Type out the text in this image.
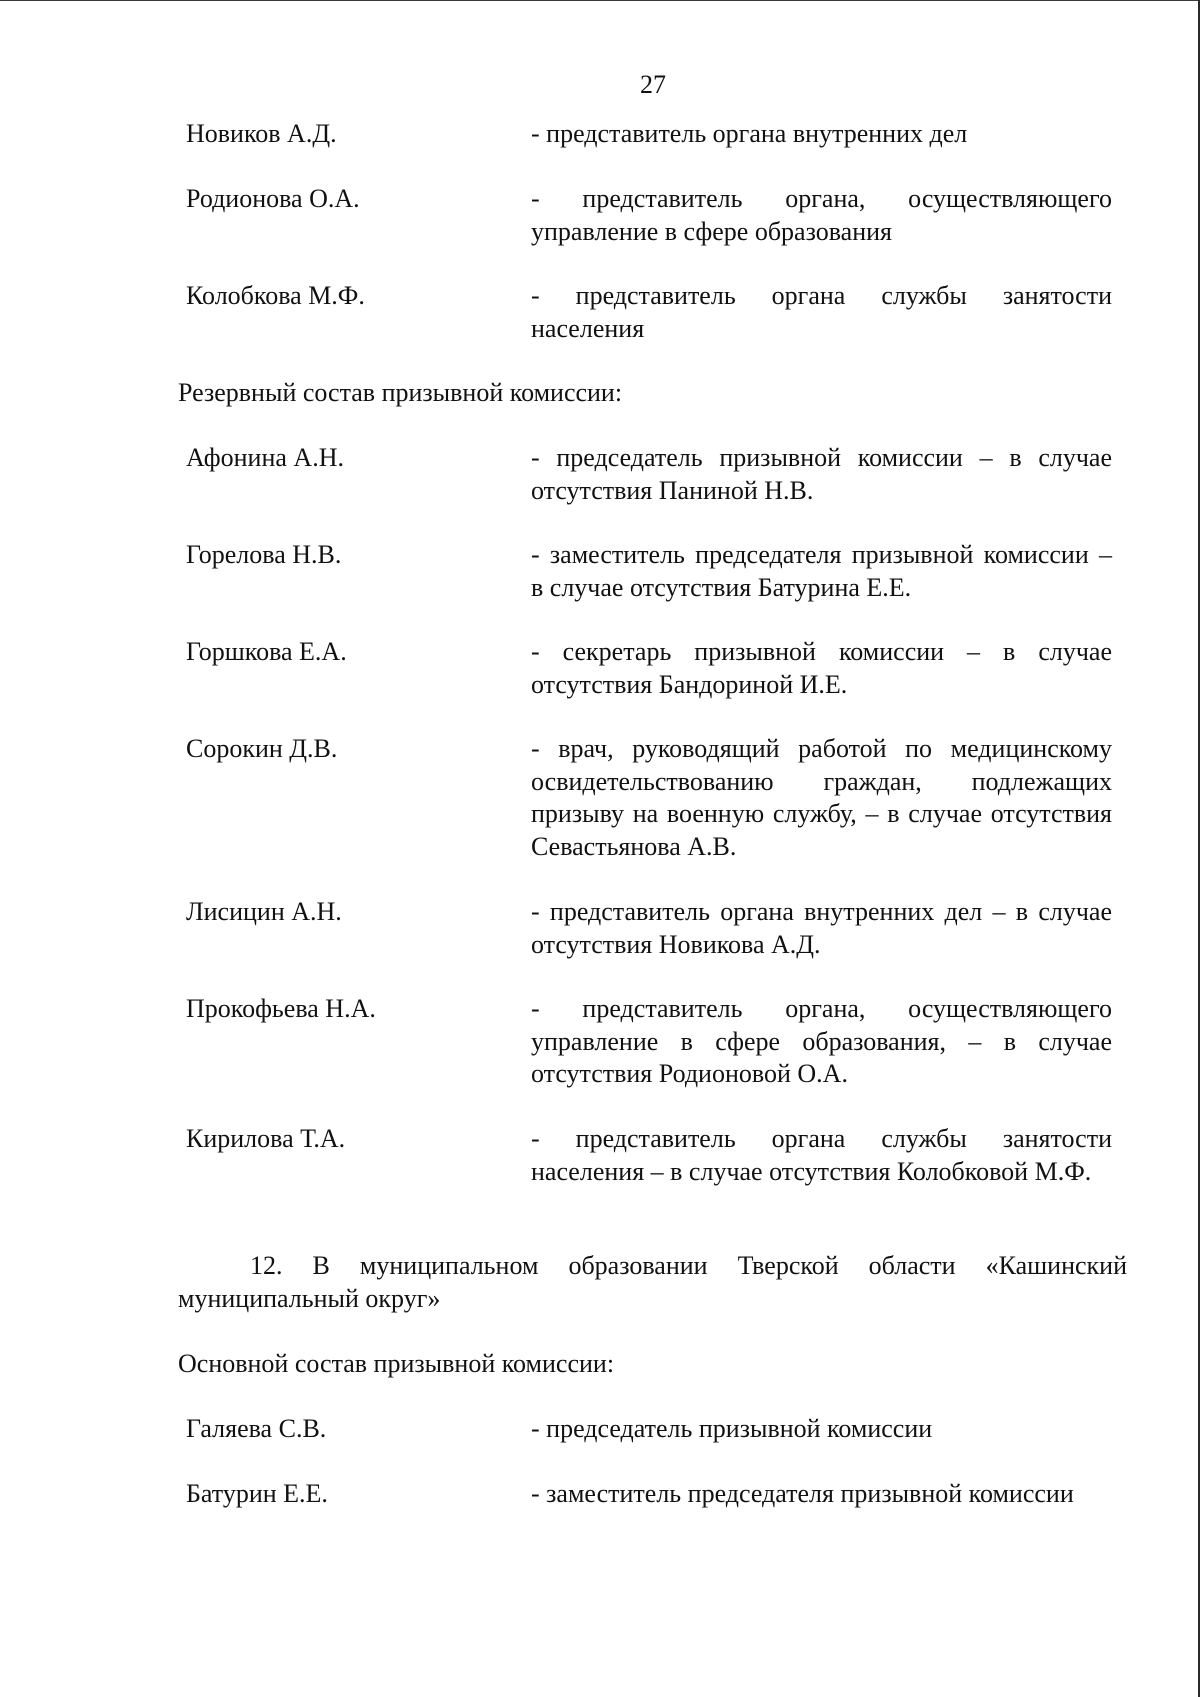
27
Новиков А.Д.	- представитель органа внутренних дел
Родионова О.А.	- представитель органа, осуществляющего управление в сфере образования
Колобкова М.Ф.	- представитель органа службы занятости населения
Резервный состав призывной комиссии:
Афонина А.Н.	- председатель призывной комиссии – в случае отсутствия Паниной Н.В.
Горелова Н.В.	- заместитель председателя призывной комиссии – в случае отсутствия Батурина Е.Е.
Горшкова Е.А.	- секретарь призывной комиссии – в случае отсутствия Бандориной И.Е.
Сорокин Д.В.	- врач, руководящий работой по медицинскому освидетельствованию граждан, подлежащих призыву на военную службу, – в случае отсутствия Севастьянова А.В.
Лисицин А.Н.	- представитель органа внутренних дел – в случае отсутствия Новикова А.Д.
Прокофьева Н.А.	- представитель органа, осуществляющего управление в сфере образования, – в случае отсутствия Родионовой О.А.
Кирилова Т.А.	- представитель органа службы занятости населения – в случае отсутствия Колобковой М.Ф.
12. В муниципальном образовании Тверской области «Кашинский муниципальный округ»
Основной состав призывной комиссии:
Галяева С.В.	- председатель призывной комиссии
Батурин Е.Е.	- заместитель председателя призывной комиссии
